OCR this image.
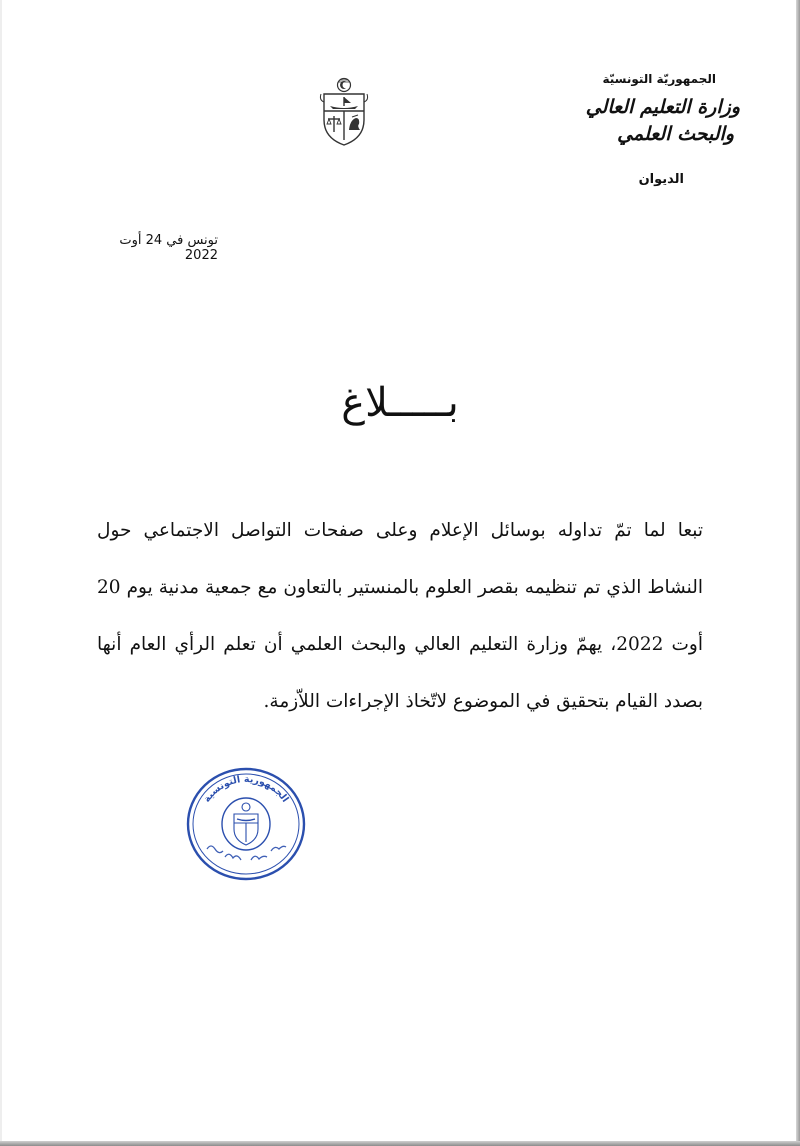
الجمهوريّة التونسيّة
وزارة التعليم العالي
والبحث العلمي
الديوان
تونس في 24 أوت 2022
بـــــلاغ
تبعا لما تمّ تداوله بوسائل الإعلام وعلى صفحات التواصل الاجتماعي حول النشاط الذي تم تنظيمه بقصر العلوم بالمنستير بالتعاون مع جمعية مدنية يوم 20 أوت 2022، يهمّ وزارة التعليم العالي والبحث العلمي أن تعلم الرأي العام أنها بصدد القيام بتحقيق في الموضوع لاتّخاذ الإجراءات اللاّزمة.
الجمهورية التونسية
